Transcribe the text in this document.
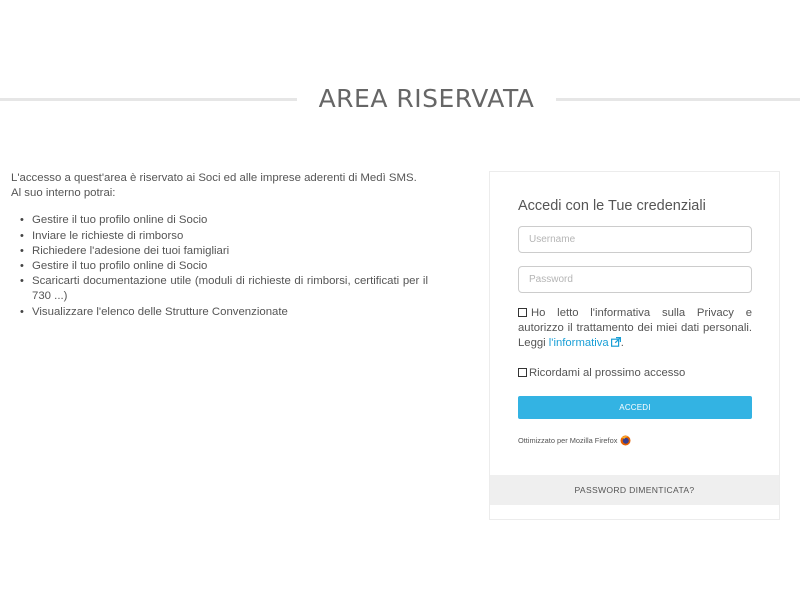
AREA RISERVATA

L'accesso a quest'area è riservato ai Soci ed alle imprese aderenti di Medì SMS. Al suo interno potrai:

• Gestire il tuo profilo online di Socio
• Inviare le richieste di rimborso
• Richiedere l'adesione dei tuoi famigliari
• Gestire il tuo profilo online di Socio
• Scaricarti documentazione utile (moduli di richieste di rimborsi, certificati per il 730 ...)
• Visualizzare l'elenco delle Strutture Convenzionate
Accedi con le Tue credenziali
Username
Ho letto l'informativa sulla Privacy e autorizzo il trattamento dei miei dati personali. Leggi l'informativa .
Ricordami al prossimo accesso
ACCEDI
Ottimizzato per Mozilla Firefox
PASSWORD DIMENTICATA?
